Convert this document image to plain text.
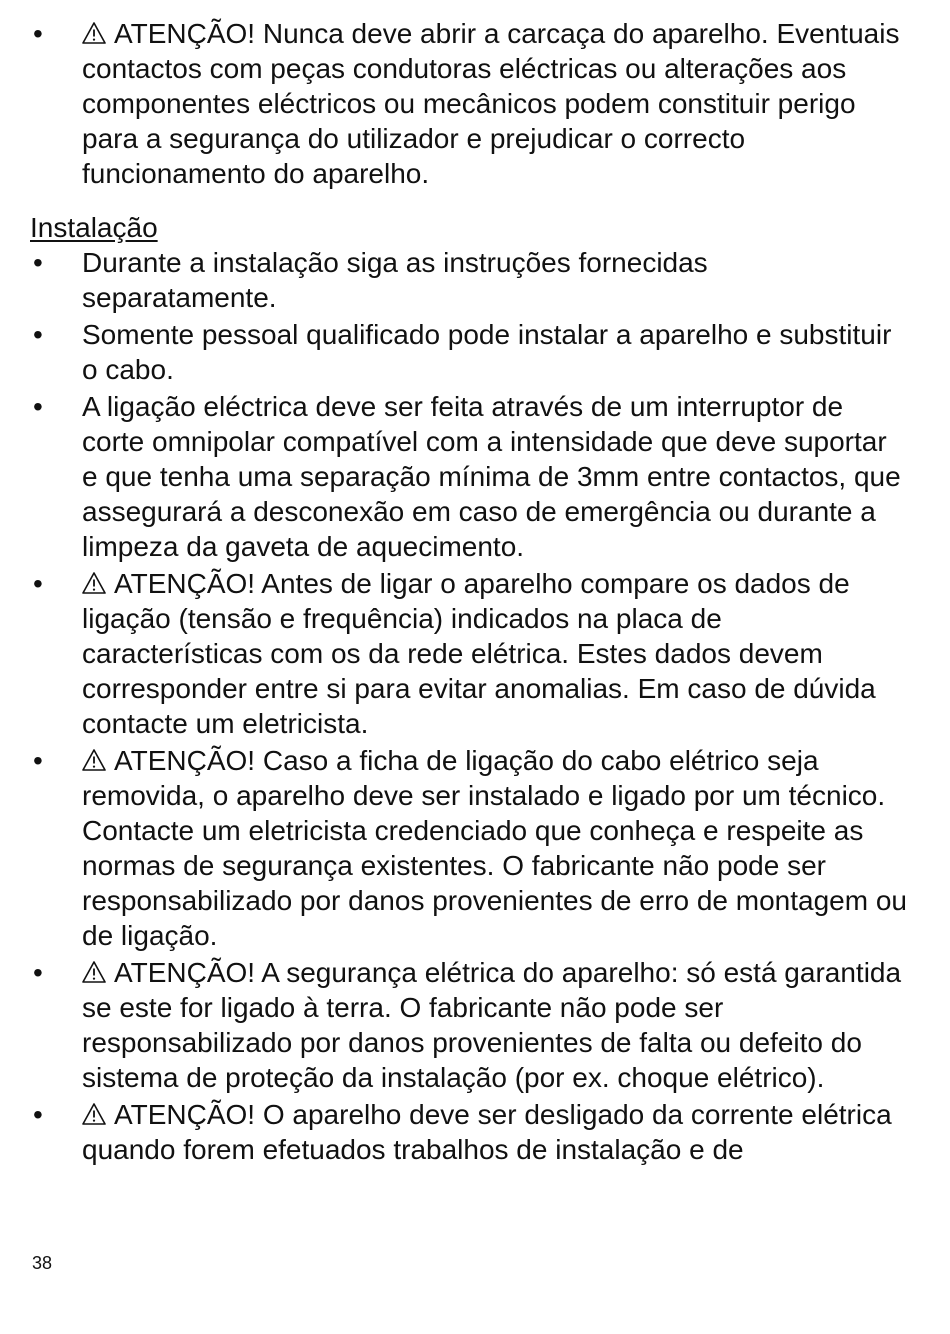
•	ATENÇÃO! Nunca deve abrir a carcaça do aparelho. Eventuais contactos com peças condutoras eléctricas ou alterações aos componentes eléctricos ou mecânicos podem constituir perigo para a segurança do utilizador e prejudicar o correcto funcionamento do aparelho.
Instalação
• Durante a instalação siga as instruções fornecidas separatamente.
• Somente pessoal qualificado pode instalar a aparelho e substituir o cabo.
• A ligação eléctrica deve ser feita através de um interruptor de corte omnipolar compatível com a intensidade que deve suportar e que tenha uma separação mínima de 3mm entre contactos, que assegurará a desconexão em caso de emergência ou durante a limpeza da gaveta de aquecimento.
•	ATENÇÃO! Antes de ligar o aparelho compare os dados de ligação (tensão e frequência) indicados na placa de características com os da rede elétrica. Estes dados devem corresponder entre si para evitar anomalias. Em caso de dúvida contacte um eletricista.
•	ATENÇÃO! Caso a ficha de ligação do cabo elétrico seja removida, o aparelho deve ser instalado e ligado por um técnico. Contacte um eletricista credenciado que conheça e respeite as normas de segurança existentes. O fabricante não pode ser responsabilizado por danos provenientes de erro de montagem ou de ligação.
•	ATENÇÃO! A segurança elétrica do aparelho: só está garantida se este for ligado à terra. O fabricante não pode ser responsabilizado por danos provenientes de falta ou defeito do sistema de proteção da instalação (por ex. choque elétrico).
•	ATENÇÃO! O aparelho deve ser desligado da corrente elétrica quando forem efetuados trabalhos de instalação e de
38
